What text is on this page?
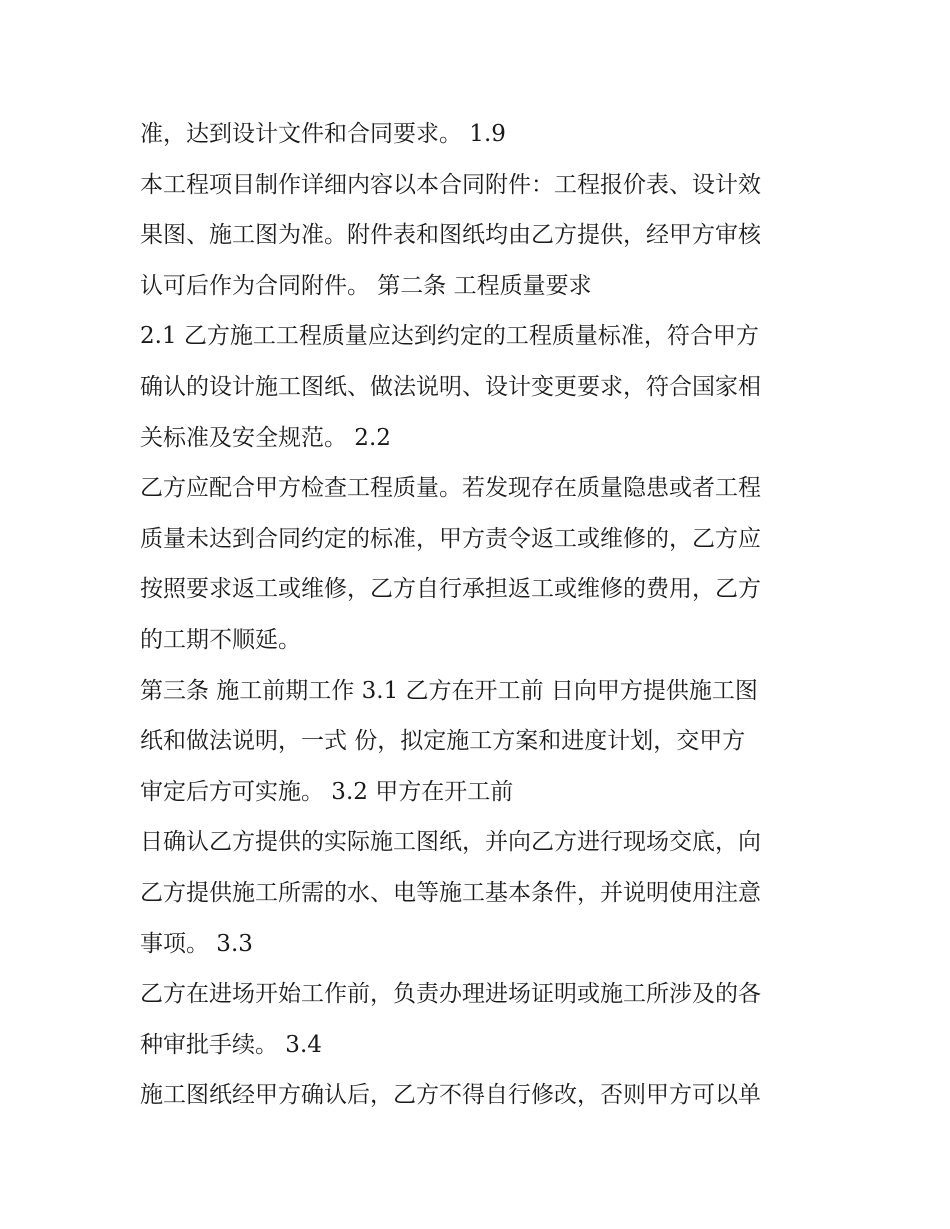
准，达到设计文件和合同要求。 1.9
本工程项目制作详细内容以本合同附件：工程报价表、设计效
果图、施工图为准。附件表和图纸均由乙方提供，经甲方审核
认可后作为合同附件。 第二条 工程质量要求
2.1 乙方施工工程质量应达到约定的工程质量标准，符合甲方
确认的设计施工图纸、做法说明、设计变更要求，符合国家相
关标准及安全规范。 2.2
乙方应配合甲方检查工程质量。若发现存在质量隐患或者工程
质量未达到合同约定的标准，甲方责令返工或维修的，乙方应
按照要求返工或维修，乙方自行承担返工或维修的费用，乙方
的工期不顺延。
第三条 施工前期工作 3.1 乙方在开工前 日向甲方提供施工图
纸和做法说明，一式 份，拟定施工方案和进度计划，交甲方
审定后方可实施。 3.2 甲方在开工前
日确认乙方提供的实际施工图纸，并向乙方进行现场交底，向
乙方提供施工所需的水、电等施工基本条件，并说明使用注意
事项。 3.3
乙方在进场开始工作前，负责办理进场证明或施工所涉及的各
种审批手续。 3.4
施工图纸经甲方确认后，乙方不得自行修改，否则甲方可以单
